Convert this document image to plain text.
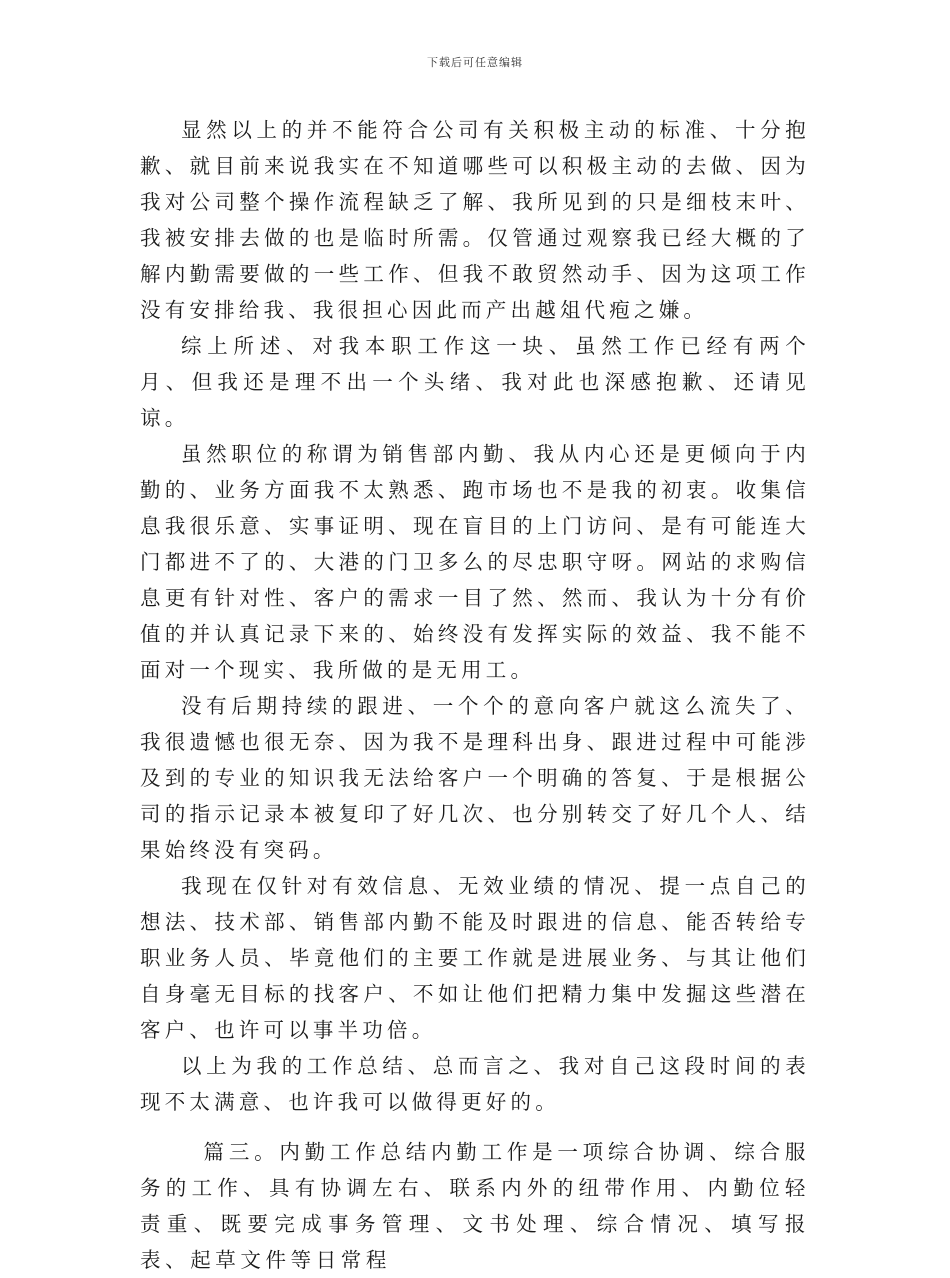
下载后可任意编辑

显然以上的并不能符合公司有关积极主动的标准、十分抱歉、就目前来说我实在不知道哪些可以积极主动的去做、因为我对公司整个操作流程缺乏了解、我所见到的只是细枝末叶、我被安排去做的也是临时所需。仅管通过观察我已经大概的了解内勤需要做的一些工作、但我不敢贸然动手、因为这项工作没有安排给我、我很担心因此而产出越俎代疱之嫌。

综上所述、对我本职工作这一块、虽然工作已经有两个月、但我还是理不出一个头绪、我对此也深感抱歉、还请见谅。

虽然职位的称谓为销售部内勤、我从内心还是更倾向于内勤的、业务方面我不太熟悉、跑市场也不是我的初衷。收集信息我很乐意、实事证明、现在盲目的上门访问、是有可能连大门都进不了的、大港的门卫多么的尽忠职守呀。网站的求购信息更有针对性、客户的需求一目了然、然而、我认为十分有价值的并认真记录下来的、始终没有发挥实际的效益、我不能不面对一个现实、我所做的是无用工。

没有后期持续的跟进、一个个的意向客户就这么流失了、我很遗憾也很无奈、因为我不是理科出身、跟进过程中可能涉及到的专业的知识我无法给客户一个明确的答复、于是根据公司的指示记录本被复印了好几次、也分别转交了好几个人、结果始终没有突码。

我现在仅针对有效信息、无效业绩的情况、提一点自己的想法、技术部、销售部内勤不能及时跟进的信息、能否转给专职业务人员、毕竟他们的主要工作就是进展业务、与其让他们自身毫无目标的找客户、不如让他们把精力集中发掘这些潜在客户、也许可以事半功倍。

以上为我的工作总结、总而言之、我对自己这段时间的表现不太满意、也许我可以做得更好的。

篇三。内勤工作总结内勤工作是一项综合协调、综合服务的工作、具有协调左右、联系内外的纽带作用、内勤位轻责重、既要完成事务管理、文书处理、综合情况、填写报表、起草文件等日常程
